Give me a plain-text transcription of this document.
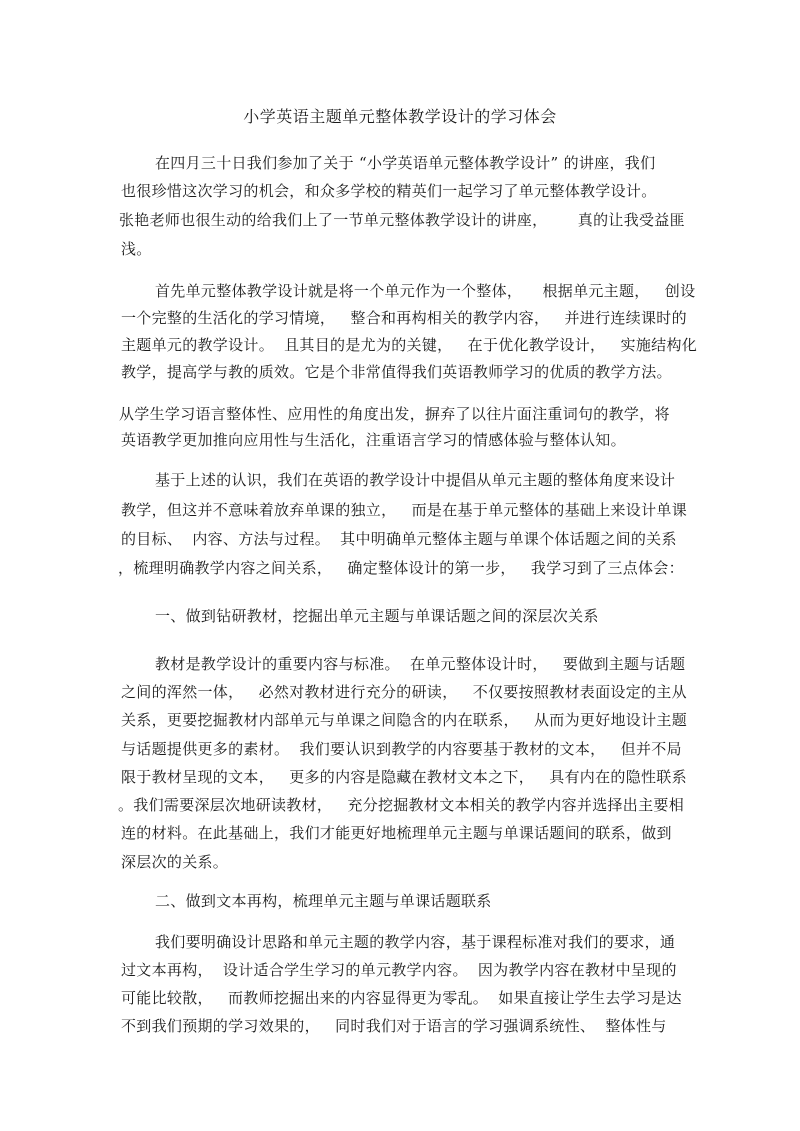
小学英语主题单元整体教学设计的学习体会
在四月三十日我们参加了关于 “小学英语单元整体教学设计” 的讲座，我们
也很珍惜这次学习的机会，和众多学校的精英们一起学习了单元整体教学设计。
张艳老师也很生动的给我们上了一节单元整体教学设计的讲座，      真的让我受益匪
浅。
首先单元整体教学设计就是将一个单元作为一个整体，    根据单元主题，   创设
一个完整的生活化的学习情境，   整合和再构相关的教学内容，   并进行连续课时的
主题单元的教学设计。  且其目的是尤为的关键，   在于优化教学设计，   实施结构化
教学，提高学与教的质效。它是个非常值得我们英语教师学习的优质的教学方法。
从学生学习语言整体性、应用性的角度出发，摒弃了以往片面注重词句的教学，将
英语教学更加推向应用性与生活化，注重语言学习的情感体验与整体认知。
基于上述的认识，我们在英语的教学设计中提倡从单元主题的整体角度来设计
教学，但这并不意味着放弃单课的独立，   而是在基于单元整体的基础上来设计单课
的目标、  内容、方法与过程。  其中明确单元整体主题与单课个体话题之间的关系
，梳理明确教学内容之间关系，   确定整体设计的第一步，   我学习到了三点体会：
一、做到钻研教材，挖掘出单元主题与单课话题之间的深层次关系
教材是教学设计的重要内容与标准。  在单元整体设计时，   要做到主题与话题
之间的浑然一体，   必然对教材进行充分的研读，   不仅要按照教材表面设定的主从
关系，更要挖掘教材内部单元与单课之间隐含的内在联系，   从而为更好地设计主题
与话题提供更多的素材。  我们要认识到教学的内容要基于教材的文本，   但并不局
限于教材呈现的文本，   更多的内容是隐藏在教材文本之下，   具有内在的隐性联系
。我们需要深层次地研读教材，   充分挖掘教材文本相关的教学内容并选择出主要相
连的材料。在此基础上，我们才能更好地梳理单元主题与单课话题间的联系，做到
深层次的关系。
二、做到文本再构，梳理单元主题与单课话题联系
我们要明确设计思路和单元主题的教学内容，基于课程标准对我们的要求，通
过文本再构，  设计适合学生学习的单元教学内容。  因为教学内容在教材中呈现的
可能比较散，   而教师挖掘出来的内容显得更为零乱。  如果直接让学生去学习是达
不到我们预期的学习效果的，   同时我们对于语言的学习强调系统性、  整体性与
